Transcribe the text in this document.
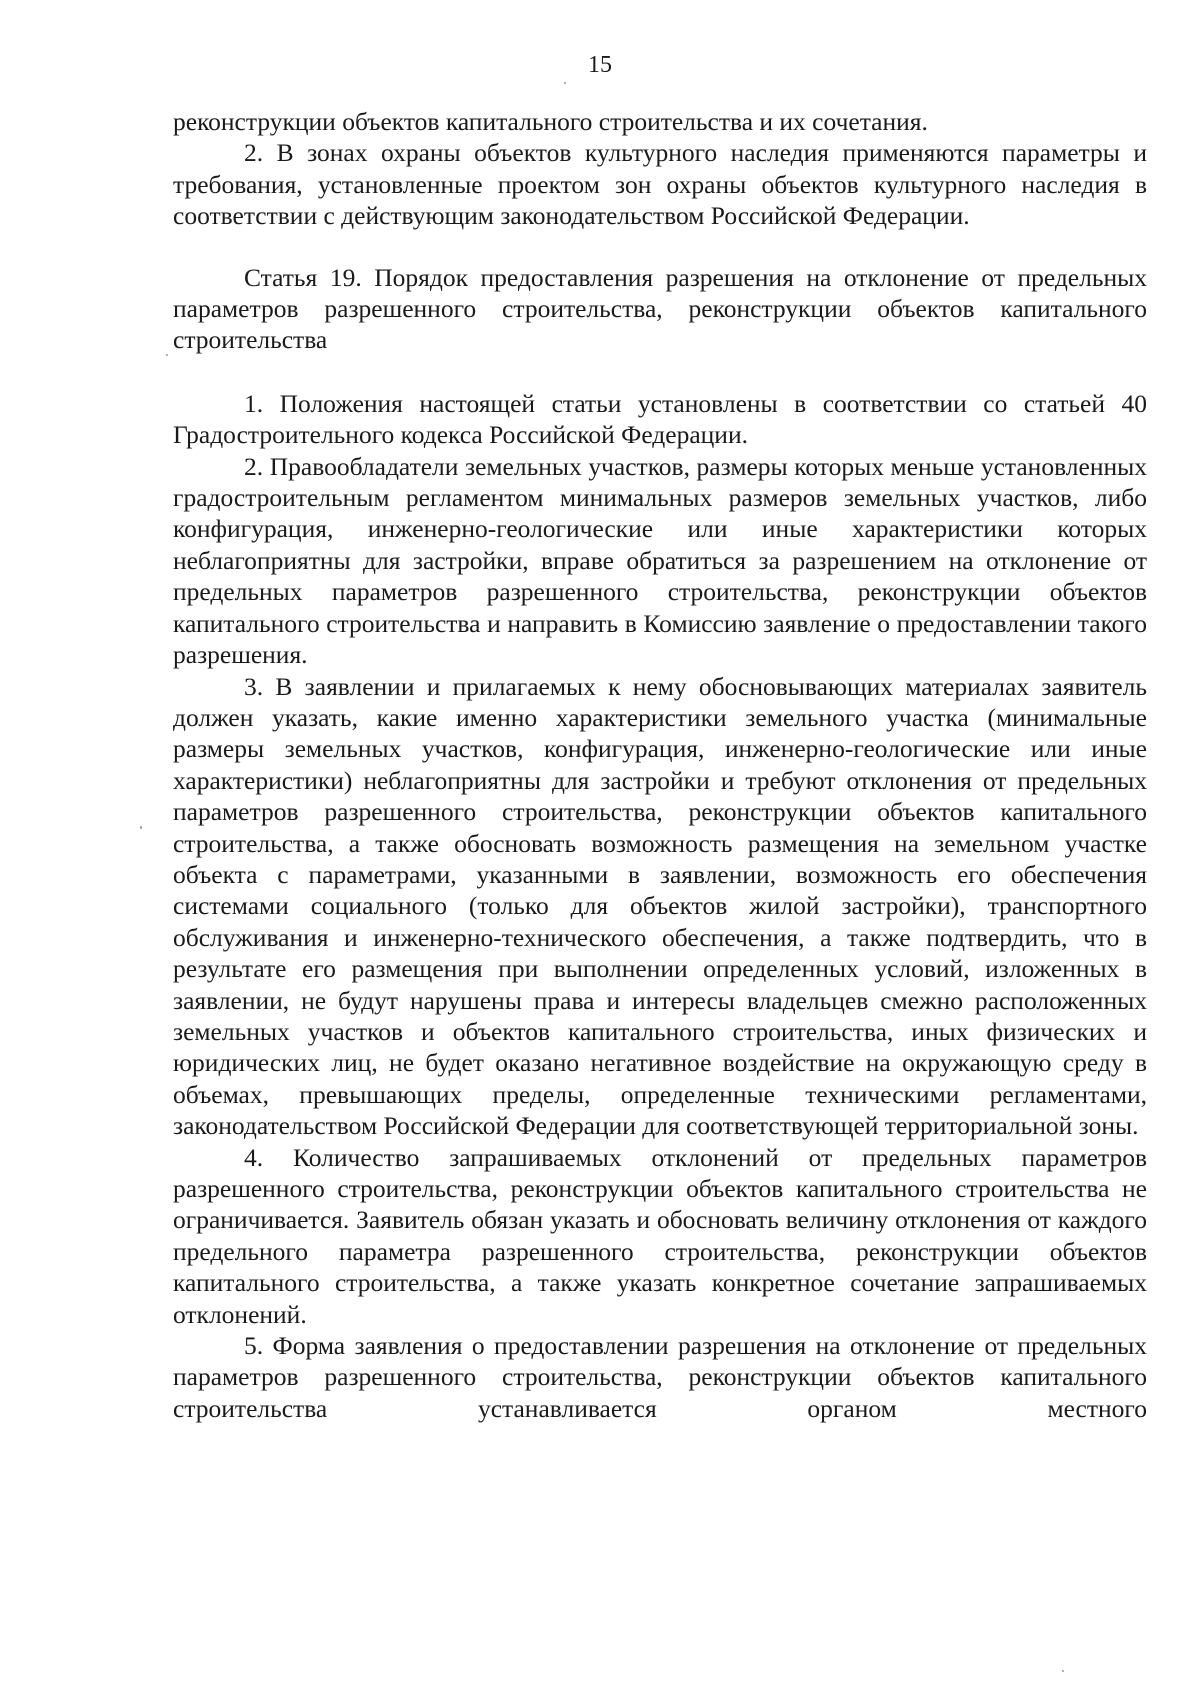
15

реконструкции объектов капитального строительства и их сочетания.

2. В зонах охраны объектов культурного наследия применяются параметры и требования, установленные проектом зон охраны объектов культурного наследия в соответствии с действующим законодательством Российской Федерации.

Статья 19. Порядок предоставления разрешения на отклонение от предельных параметров разрешенного строительства, реконструкции объектов капитального строительства

1. Положения настоящей статьи установлены в соответствии со статьей 40 Градостроительного кодекса Российской Федерации.

2. Правообладатели земельных участков, размеры которых меньше установленных градостроительным регламентом минимальных размеров земельных участков, либо конфигурация, инженерно-геологические или иные характеристики которых неблагоприятны для застройки, вправе обратиться за разрешением на отклонение от предельных параметров разрешенного строительства, реконструкции объектов капитального строительства и направить в Комиссию заявление о предоставлении такого разрешения.

3. В заявлении и прилагаемых к нему обосновывающих материалах заявитель должен указать, какие именно характеристики земельного участка (минимальные размеры земельных участков, конфигурация, инженерно-геологические или иные характеристики) неблагоприятны для застройки и требуют отклонения от предельных параметров разрешенного строительства, реконструкции объектов капитального строительства, а также обосновать возможность размещения на земельном участке объекта с параметрами, указанными в заявлении, возможность его обеспечения системами социального (только для объектов жилой застройки), транспортного обслуживания и инженерно-технического обеспечения, а также подтвердить, что в результате его размещения при выполнении определенных условий, изложенных в заявлении, не будут нарушены права и интересы владельцев смежно расположенных земельных участков и объектов капитального строительства, иных физических и юридических лиц, не будет оказано негативное воздействие на окружающую среду в объемах, превышающих пределы, определенные техническими регламентами, законодательством Российской Федерации для соответствующей территориальной зоны.

4. Количество запрашиваемых отклонений от предельных параметров разрешенного строительства, реконструкции объектов капитального строительства не ограничивается. Заявитель обязан указать и обосновать величину отклонения от каждого предельного параметра разрешенного строительства, реконструкции объектов капитального строительства, а также указать конкретное сочетание запрашиваемых отклонений.

5. Форма заявления о предоставлении разрешения на отклонение от предельных параметров разрешенного строительства, реконструкции объектов капитального строительства устанавливается органом местного
